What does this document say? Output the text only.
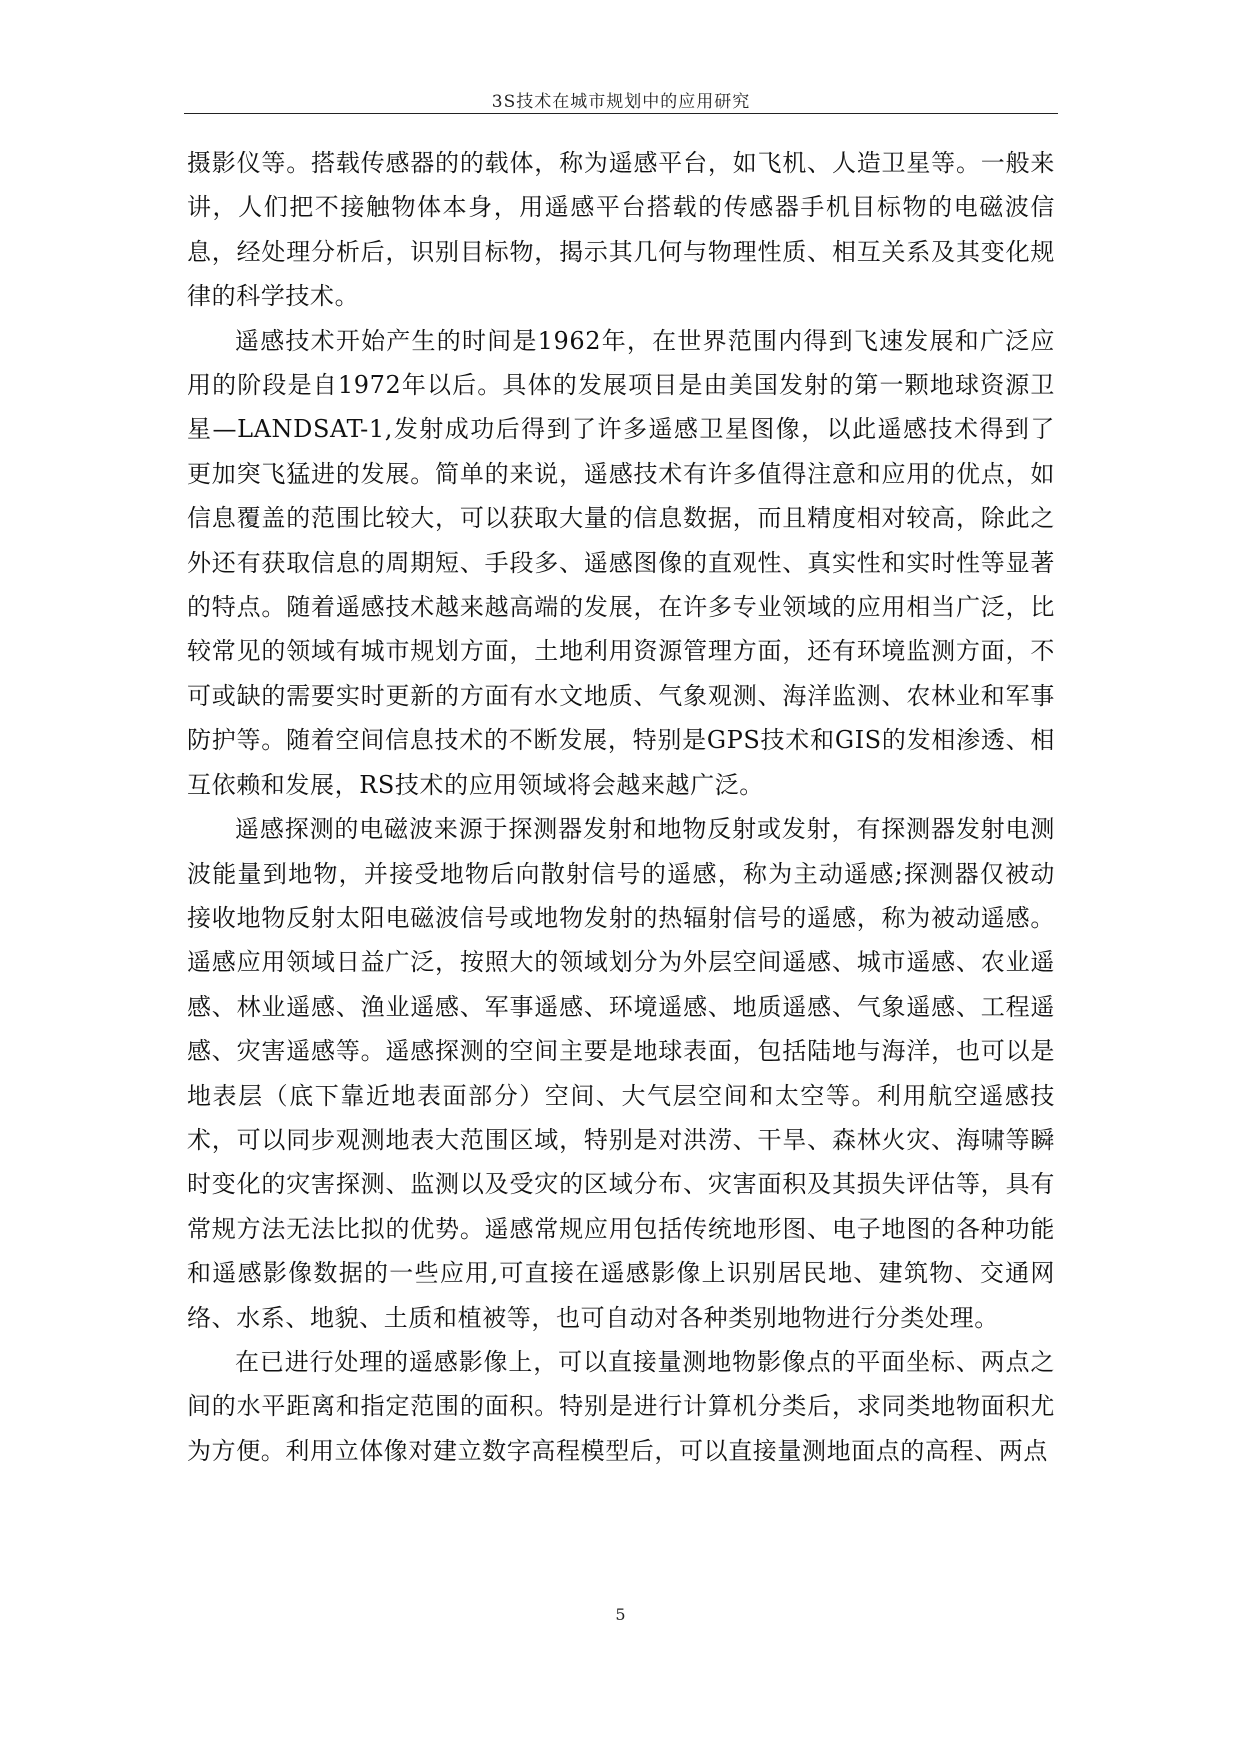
3S技术在城市规划中的应用研究

摄影仪等。搭载传感器的的载体，称为遥感平台，如飞机、人造卫星等。一般来讲，人们把不接触物体本身，用遥感平台搭载的传感器手机目标物的电磁波信息，经处理分析后，识别目标物，揭示其几何与物理性质、相互关系及其变化规律的科学技术。

遥感技术开始产生的时间是1962年，在世界范围内得到飞速发展和广泛应用的阶段是自1972年以后。具体的发展项目是由美国发射的第一颗地球资源卫星—LANDSAT-1,发射成功后得到了许多遥感卫星图像，以此遥感技术得到了更加突飞猛进的发展。简单的来说，遥感技术有许多值得注意和应用的优点，如信息覆盖的范围比较大，可以获取大量的信息数据，而且精度相对较高，除此之外还有获取信息的周期短、手段多、遥感图像的直观性、真实性和实时性等显著的特点。随着遥感技术越来越高端的发展，在许多专业领域的应用相当广泛，比较常见的领域有城市规划方面，土地利用资源管理方面，还有环境监测方面，不可或缺的需要实时更新的方面有水文地质、气象观测、海洋监测、农林业和军事防护等。随着空间信息技术的不断发展，特别是GPS技术和GIS的发相渗透、相互依赖和发展，RS技术的应用领域将会越来越广泛。

遥感探测的电磁波来源于探测器发射和地物反射或发射，有探测器发射电测波能量到地物，并接受地物后向散射信号的遥感，称为主动遥感;探测器仅被动接收地物反射太阳电磁波信号或地物发射的热辐射信号的遥感，称为被动遥感。遥感应用领域日益广泛，按照大的领域划分为外层空间遥感、城市遥感、农业遥感、林业遥感、渔业遥感、军事遥感、环境遥感、地质遥感、气象遥感、工程遥感、灾害遥感等。遥感探测的空间主要是地球表面，包括陆地与海洋，也可以是地表层（底下靠近地表面部分）空间、大气层空间和太空等。利用航空遥感技术，可以同步观测地表大范围区域，特别是对洪涝、干旱、森林火灾、海啸等瞬时变化的灾害探测、监测以及受灾的区域分布、灾害面积及其损失评估等，具有常规方法无法比拟的优势。遥感常规应用包括传统地形图、电子地图的各种功能和遥感影像数据的一些应用,可直接在遥感影像上识别居民地、建筑物、交通网络、水系、地貌、土质和植被等，也可自动对各种类别地物进行分类处理。

在已进行处理的遥感影像上，可以直接量测地物影像点的平面坐标、两点之间的水平距离和指定范围的面积。特别是进行计算机分类后，求同类地物面积尤为方便。利用立体像对建立数字高程模型后，可以直接量测地面点的高程、两点

5
